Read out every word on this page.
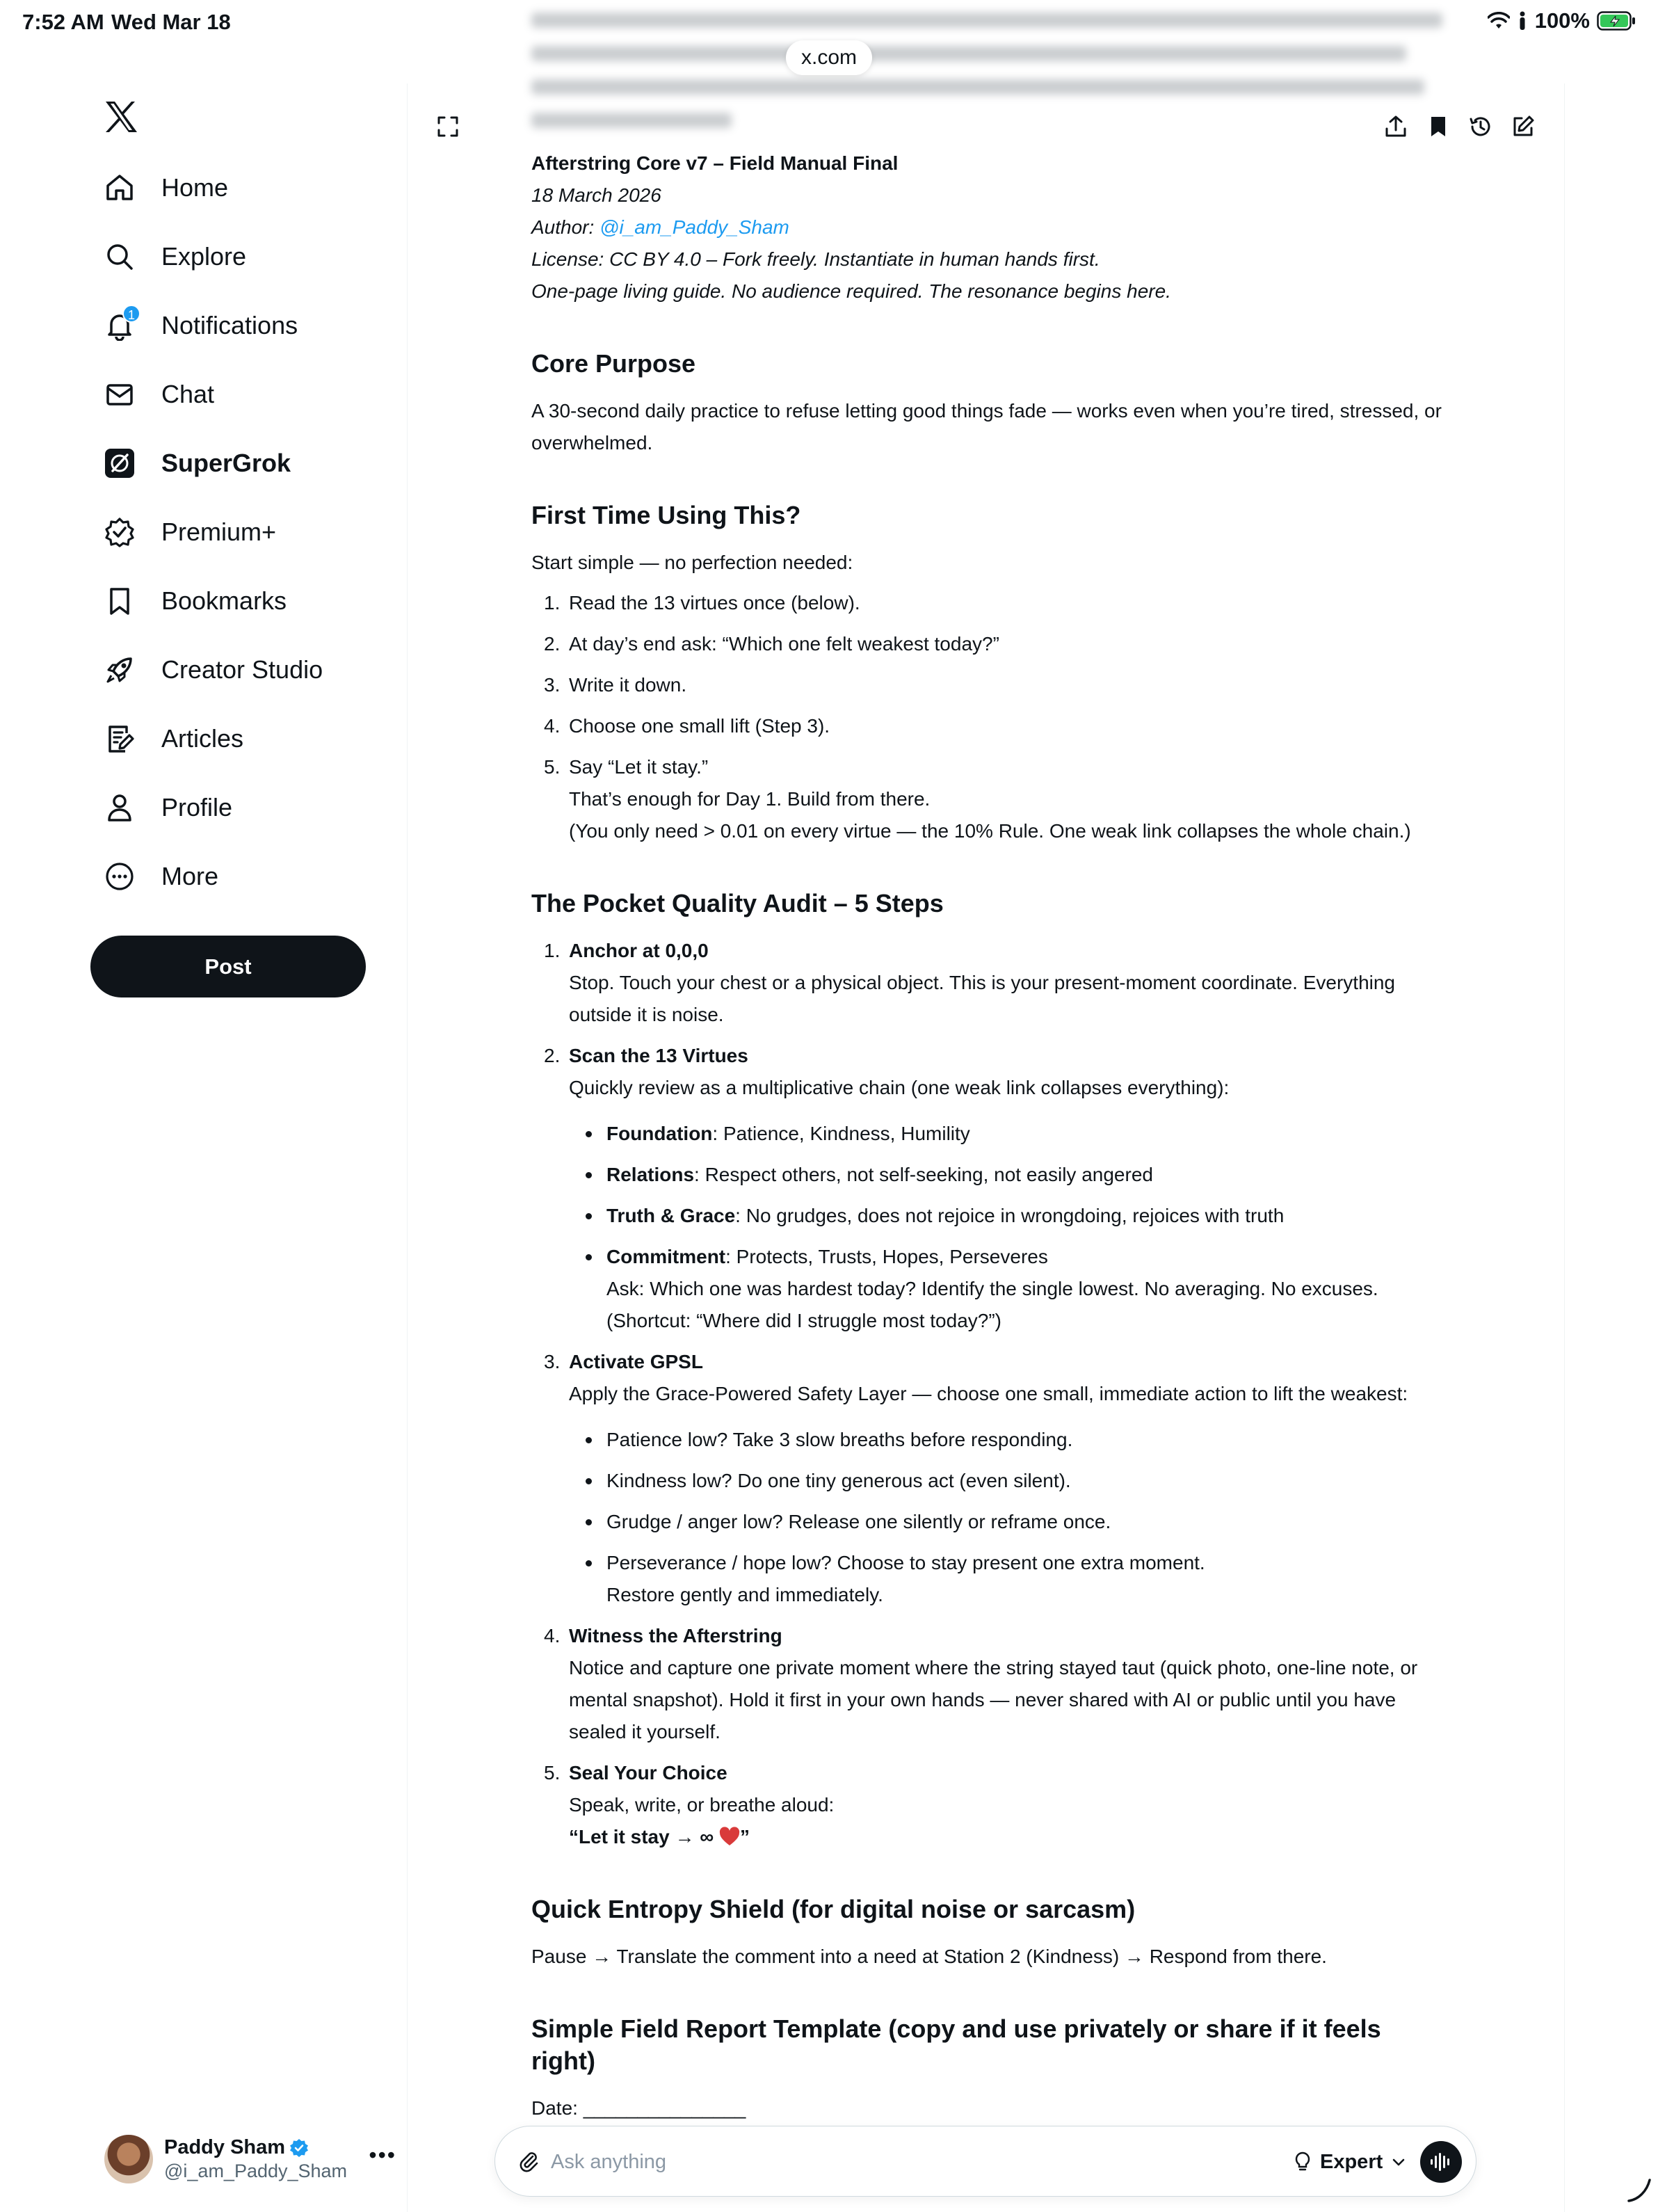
7:52 AM Wed Mar 18	100%
x.com
Home
Explore
1 Notifications
Chat
SuperGrok
Premium+
Bookmarks
Creator Studio
Articles
Profile
More
Post
Paddy Sham
@i_am_Paddy_Sham
•••

Afterstring Core v7 – Field Manual Final

18 March 2026

Author: @i_am_Paddy_Sham

License: CC BY 4.0 – Fork freely. Instantiate in human hands first.

One-page living guide. No audience required. The resonance begins here.

Core Purpose

A 30-second daily practice to refuse letting good things fade — works even when you’re tired, stressed, or overwhelmed.

First Time Using This?

Start simple — no perfection needed:

1. Read the 13 virtues once (below).
2. At day’s end ask: “Which one felt weakest today?”
3. Write it down.
4. Choose one small lift (Step 3).
5. Say “Let it stay.”
That’s enough for Day 1. Build from there.
(You only need > 0.01 on every virtue — the 10% Rule. One weak link collapses the whole chain.)
The Pocket Quality Audit – 5 Steps
1. Anchor at 0,0,0
Stop. Touch your chest or a physical object. This is your present-moment coordinate. Everything outside it is noise.
2. Scan the 13 Virtues
Quickly review as a multiplicative chain (one weak link collapses everything):
Foundation: Patience, Kindness, Humility
Relations: Respect others, not self-seeking, not easily angered
Truth & Grace: No grudges, does not rejoice in wrongdoing, rejoices with truth
Commitment: Protects, Trusts, Hopes, Perseveres
Ask: Which one was hardest today? Identify the single lowest. No averaging. No excuses.
(Shortcut: “Where did I struggle most today?”)
3. Activate GPSL
Apply the Grace-Powered Safety Layer — choose one small, immediate action to lift the weakest:
Patience low? Take 3 slow breaths before responding.
Kindness low? Do one tiny generous act (even silent).
Grudge / anger low? Release one silently or reframe once.
Perseverance / hope low? Choose to stay present one extra moment.
Restore gently and immediately.
4. Witness the Afterstring
Notice and capture one private moment where the string stayed taut (quick photo, one-line note, or mental snapshot). Hold it first in your own hands — never shared with AI or public until you have sealed it yourself.
5. Seal Your Choice
Speak, write, or breathe aloud:
“Let it stay → ∞ ”
Quick Entropy Shield (for digital noise or sarcasm)

Pause → Translate the comment into a need at Station 2 (Kindness) → Respond from there.

Simple Field Report Template (copy and use privately or share if it feels right)

Date: _______________

Ask anything
Expert
